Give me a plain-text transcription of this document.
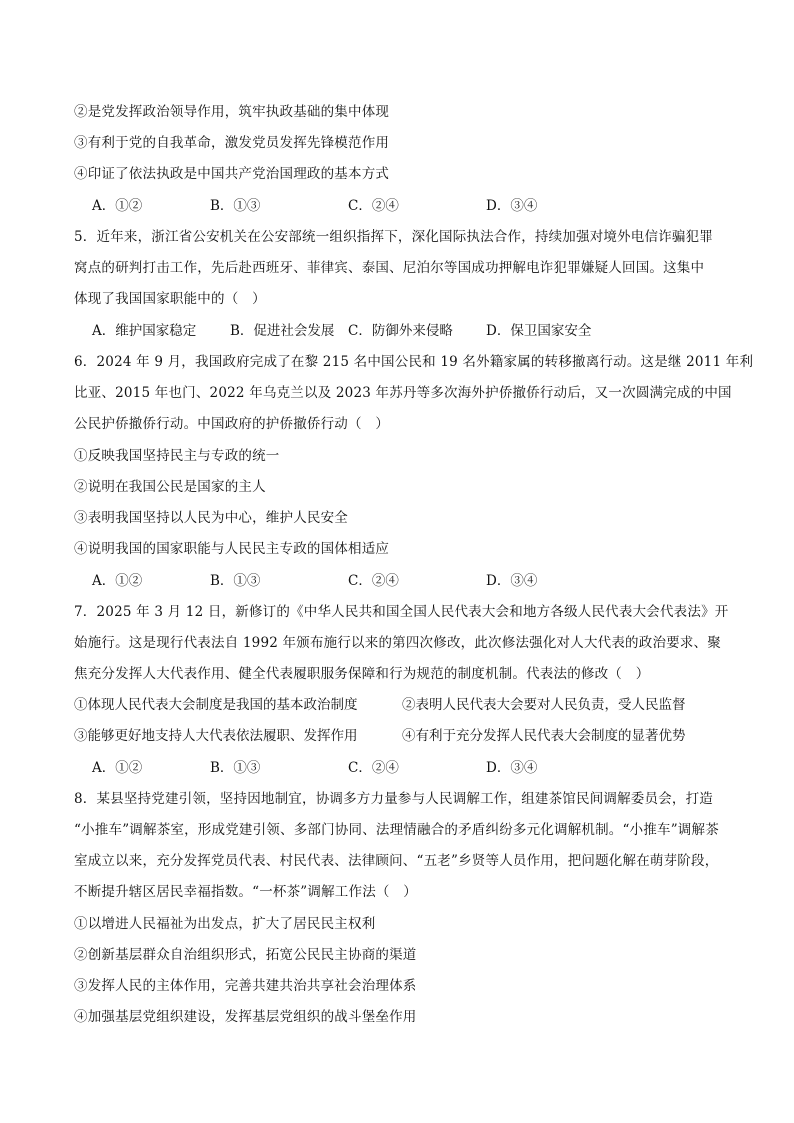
②是党发挥政治领导作用，筑牢执政基础的集中体现
③有利于党的自我革命，激发党员发挥先锋模范作用
④印证了依法执政是中国共产党治国理政的基本方式
A．①②	B．①③	C．②④	D．③④
5．近年来，浙江省公安机关在公安部统一组织指挥下，深化国际执法合作，持续加强对境外电信诈骗犯罪
窝点的研判打击工作，先后赴西班牙、菲律宾、泰国、尼泊尔等国成功押解电诈犯罪嫌疑人回国。这集中
体现了我国国家职能中的（　）
A．维护国家稳定	B．促进社会发展 C．防御外来侵略 D．保卫国家安全
6．2024 年 9 月，我国政府完成了在黎 215 名中国公民和 19 名外籍家属的转移撤离行动。这是继 2011 年利
比亚、2015 年也门、2022 年乌克兰以及 2023 年苏丹等多次海外护侨撤侨行动后，又一次圆满完成的中国
公民护侨撤侨行动。中国政府的护侨撤侨行动（　）
①反映我国坚持民主与专政的统一
②说明在我国公民是国家的主人
③表明我国坚持以人民为中心，维护人民安全
④说明我国的国家职能与人民民主专政的国体相适应
A．①②	B．①③	C．②④	D．③④
7．2025 年 3 月 12 日，新修订的《中华人民共和国全国人民代表大会和地方各级人民代表大会代表法》开
始施行。这是现行代表法自 1992 年颁布施行以来的第四次修改，此次修法强化对人大代表的政治要求、聚
焦充分发挥人大代表作用、健全代表履职服务保障和行为规范的制度机制。代表法的修改（　）
①体现人民代表大会制度是我国的基本政治制度	②表明人民代表大会要对人民负责，受人民监督
③能够更好地支持人大代表依法履职、发挥作用	④有利于充分发挥人民代表大会制度的显著优势
A．①②	B．①③	C．②④	D．③④
8．某县坚持党建引领，坚持因地制宜，协调多方力量参与人民调解工作，组建茶馆民间调解委员会，打造
“小推车”调解茶室，形成党建引领、多部门协同、法理情融合的矛盾纠纷多元化调解机制。“小推车”调解茶
室成立以来，充分发挥党员代表、村民代表、法律顾问、“五老”乡贤等人员作用，把问题化解在萌芽阶段，
不断提升辖区居民幸福指数。“一杯茶”调解工作法（　）
①以增进人民福祉为出发点，扩大了居民民主权利
②创新基层群众自治组织形式，拓宽公民民主协商的渠道
③发挥人民的主体作用，完善共建共治共享社会治理体系
④加强基层党组织建设，发挥基层党组织的战斗堡垒作用
